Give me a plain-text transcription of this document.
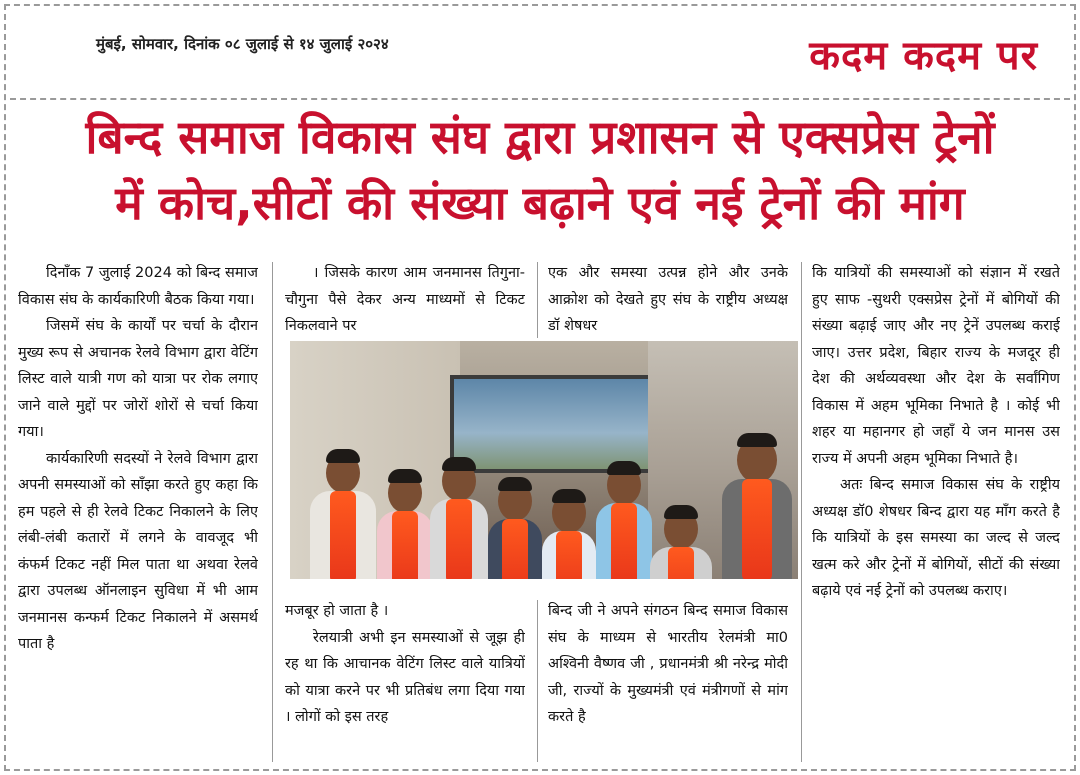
मुंबई, सोमवार, दिनांक ०८ जुलाई से १४ जुलाई २०२४	कदम कदम पर
बिन्द समाज विकास संघ द्वारा प्रशासन से एक्सप्रेस ट्रेनों
में कोच,सीटों की संख्या बढ़ाने एवं नई ट्रेनों की मांग

दिनाँक 7 जुलाई 2024 को बिन्द समाज विकास संघ के कार्यकारिणी बैठक किया गया।

जिसमें संघ के कार्यों पर चर्चा के दौरान मुख्य रूप से अचानक रेलवे विभाग द्वारा वेटिंग लिस्ट वाले यात्री गण को यात्रा पर रोक लगाए जाने वाले मुद्दों पर जोरों शोरों से चर्चा किया गया।

कार्यकारिणी सदस्यों ने रेलवे विभाग द्वारा अपनी समस्याओं को साँझा करते हुए कहा कि हम पहले से ही रेलवे टिकट निकालने के लिए लंबी-लंबी कतारों में लगने के वावजूद भी कंफर्म टिकट नहीं मिल पाता था अथवा रेलवे द्वारा उपलब्ध ऑनलाइन सुविधा में भी आम जनमानस कन्फर्म टिकट निकालने में असमर्थ पाता है

। जिसके कारण आम जनमानस तिगुना-चौगुना पैसे देकर अन्य माध्यमों से टिकट निकलवाने पर

एक और समस्या उत्पन्न होने और उनके आक्रोश को देखते हुए संघ के राष्ट्रीय अध्यक्ष डॉ शेषधर

मजबूर हो जाता है ।

रेलयात्री अभी इन समस्याओं से जूझ ही रह था कि आचानक वेटिंग लिस्ट वाले यात्रियों को यात्रा करने पर भी प्रतिबंध लगा दिया गया । लोगों को इस तरह

बिन्द जी ने अपने संगठन बिन्द समाज विकास संघ के माध्यम से भारतीय रेलमंत्री मा0 अश्विनी वैष्णव जी , प्रधानमंत्री श्री नरेन्द्र मोदी जी, राज्यों के मुख्यमंत्री एवं मंत्रीगणों से मांग करते है

कि यात्रियों की समस्याओं को संज्ञान में रखते हुए साफ -सुथरी एक्सप्रेस ट्रेनों में बोगियों की संख्या बढ़ाई जाए और नए ट्रेनें उपलब्ध कराई जाए। उत्तर प्रदेश, बिहार राज्य के मजदूर ही देश की अर्थव्यवस्था और देश के सर्वांगिण विकास में अहम भूमिका निभाते है । कोई भी शहर या महानगर हो जहाँ ये जन मानस उस राज्य में अपनी अहम भूमिका निभाते है।

अतः बिन्द समाज विकास संघ के राष्ट्रीय अध्यक्ष डॉ0 शेषधर बिन्द द्वारा यह माँग करते है कि यात्रियों के इस समस्या का जल्द से जल्द खत्म करे और ट्रेनों में बोगियों, सीटों की संख्या बढ़ाये एवं नई ट्रेनों को उपलब्ध कराए।
